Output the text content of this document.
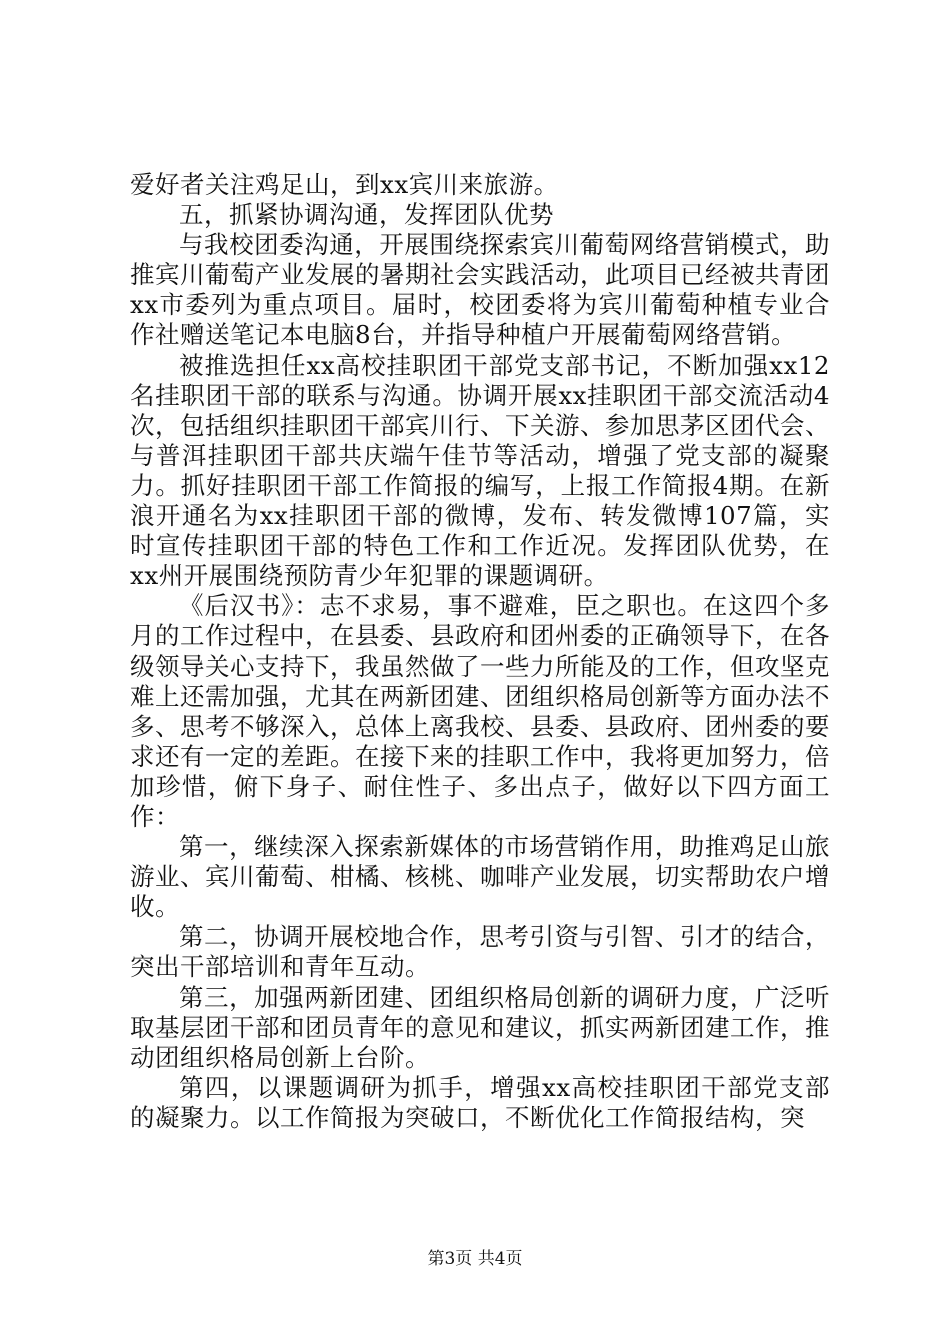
爱好者关注鸡足山，到xx宾川来旅游。

五，抓紧协调沟通，发挥团队优势

与我校团委沟通，开展围绕探索宾川葡萄网络营销模式，助推宾川葡萄产业发展的暑期社会实践活动，此项目已经被共青团xx市委列为重点项目。届时，校团委将为宾川葡萄种植专业合作社赠送笔记本电脑8台，并指导种植户开展葡萄网络营销。

被推选担任xx高校挂职团干部党支部书记，不断加强xx12名挂职团干部的联系与沟通。协调开展xx挂职团干部交流活动4次，包括组织挂职团干部宾川行、下关游、参加思茅区团代会、与普洱挂职团干部共庆端午佳节等活动，增强了党支部的凝聚力。抓好挂职团干部工作简报的编写，上报工作简报4期。在新浪开通名为xx挂职团干部的微博，发布、转发微博107篇，实时宣传挂职团干部的特色工作和工作近况。发挥团队优势，在xx州开展围绕预防青少年犯罪的课题调研。

《后汉书》：志不求易，事不避难，臣之职也。在这四个多月的工作过程中，在县委、县政府和团州委的正确领导下，在各级领导关心支持下，我虽然做了一些力所能及的工作，但攻坚克难上还需加强，尤其在两新团建、团组织格局创新等方面办法不多、思考不够深入，总体上离我校、县委、县政府、团州委的要求还有一定的差距。在接下来的挂职工作中，我将更加努力，倍加珍惜，俯下身子、耐住性子、多出点子，做好以下四方面工作：

第一，继续深入探索新媒体的市场营销作用，助推鸡足山旅游业、宾川葡萄、柑橘、核桃、咖啡产业发展，切实帮助农户增收。

第二，协调开展校地合作，思考引资与引智、引才的结合，突出干部培训和青年互动。

第三，加强两新团建、团组织格局创新的调研力度，广泛听取基层团干部和团员青年的意见和建议，抓实两新团建工作，推动团组织格局创新上台阶。

第四，以课题调研为抓手，增强xx高校挂职团干部党支部的凝聚力。以工作简报为突破口，不断优化工作简报结构，突

第3页 共4页
